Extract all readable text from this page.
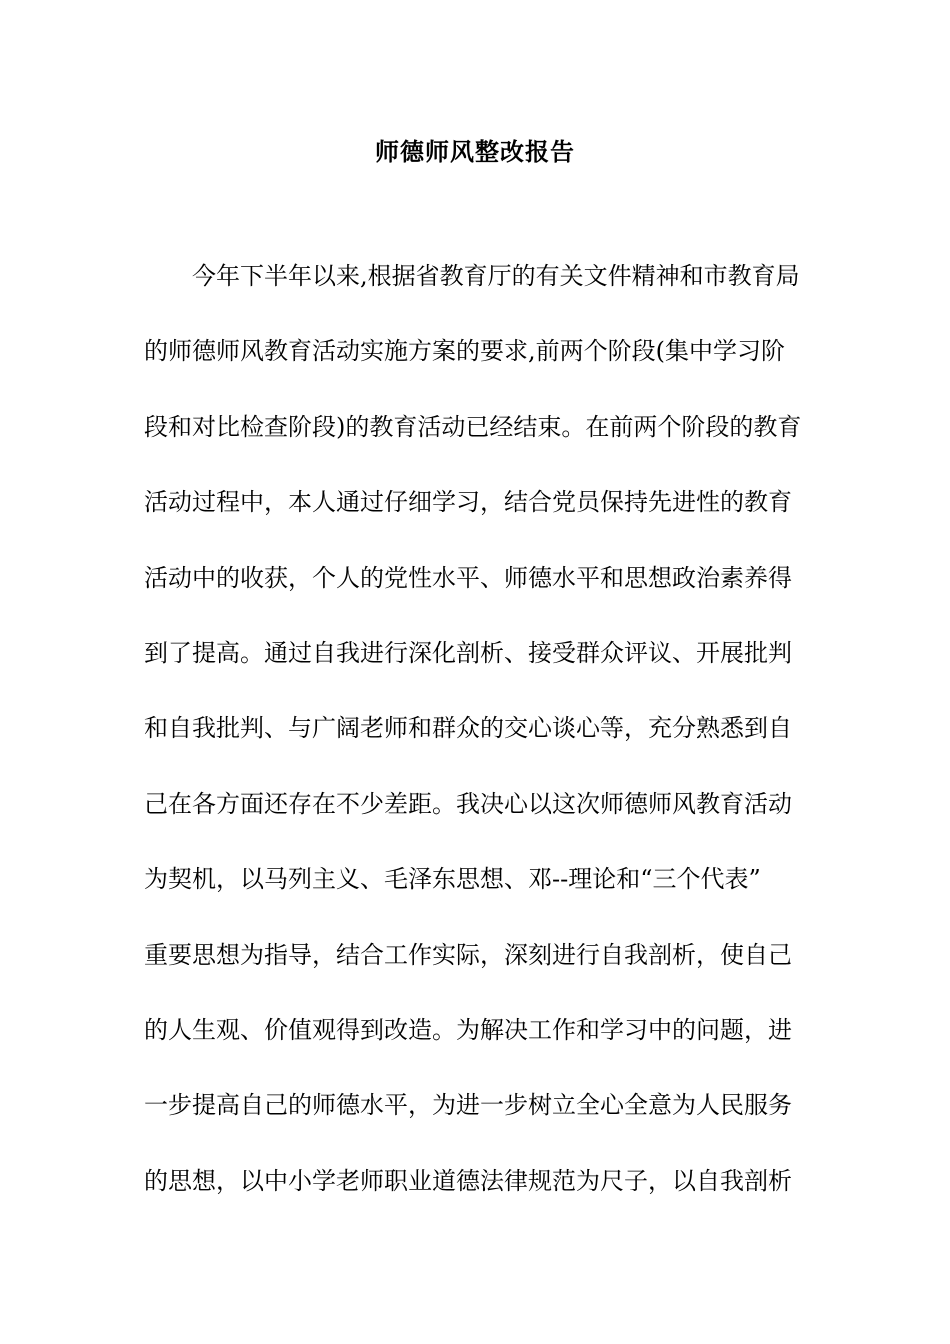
师德师风整改报告
今年下半年以来,根据省教育厅的有关文件精神和市教育局
的师德师风教育活动实施方案的要求,前两个阶段(集中学习阶
段和对比检查阶段)的教育活动已经结束。在前两个阶段的教育
活动过程中，本人通过仔细学习，结合党员保持先进性的教育
活动中的收获，个人的党性水平、师德水平和思想政治素养得
到了提高。通过自我进行深化剖析、接受群众评议、开展批判
和自我批判、与广阔老师和群众的交心谈心等，充分熟悉到自
己在各方面还存在不少差距。我决心以这次师德师风教育活动
为契机，以马列主义、毛泽东思想、邓--理论和“三个代表”
重要思想为指导，结合工作实际，深刻进行自我剖析，使自己
的人生观、价值观得到改造。为解决工作和学习中的问题，进
一步提高自己的师德水平，为进一步树立全心全意为人民服务
的思想，以中小学老师职业道德法律规范为尺子，以自我剖析
